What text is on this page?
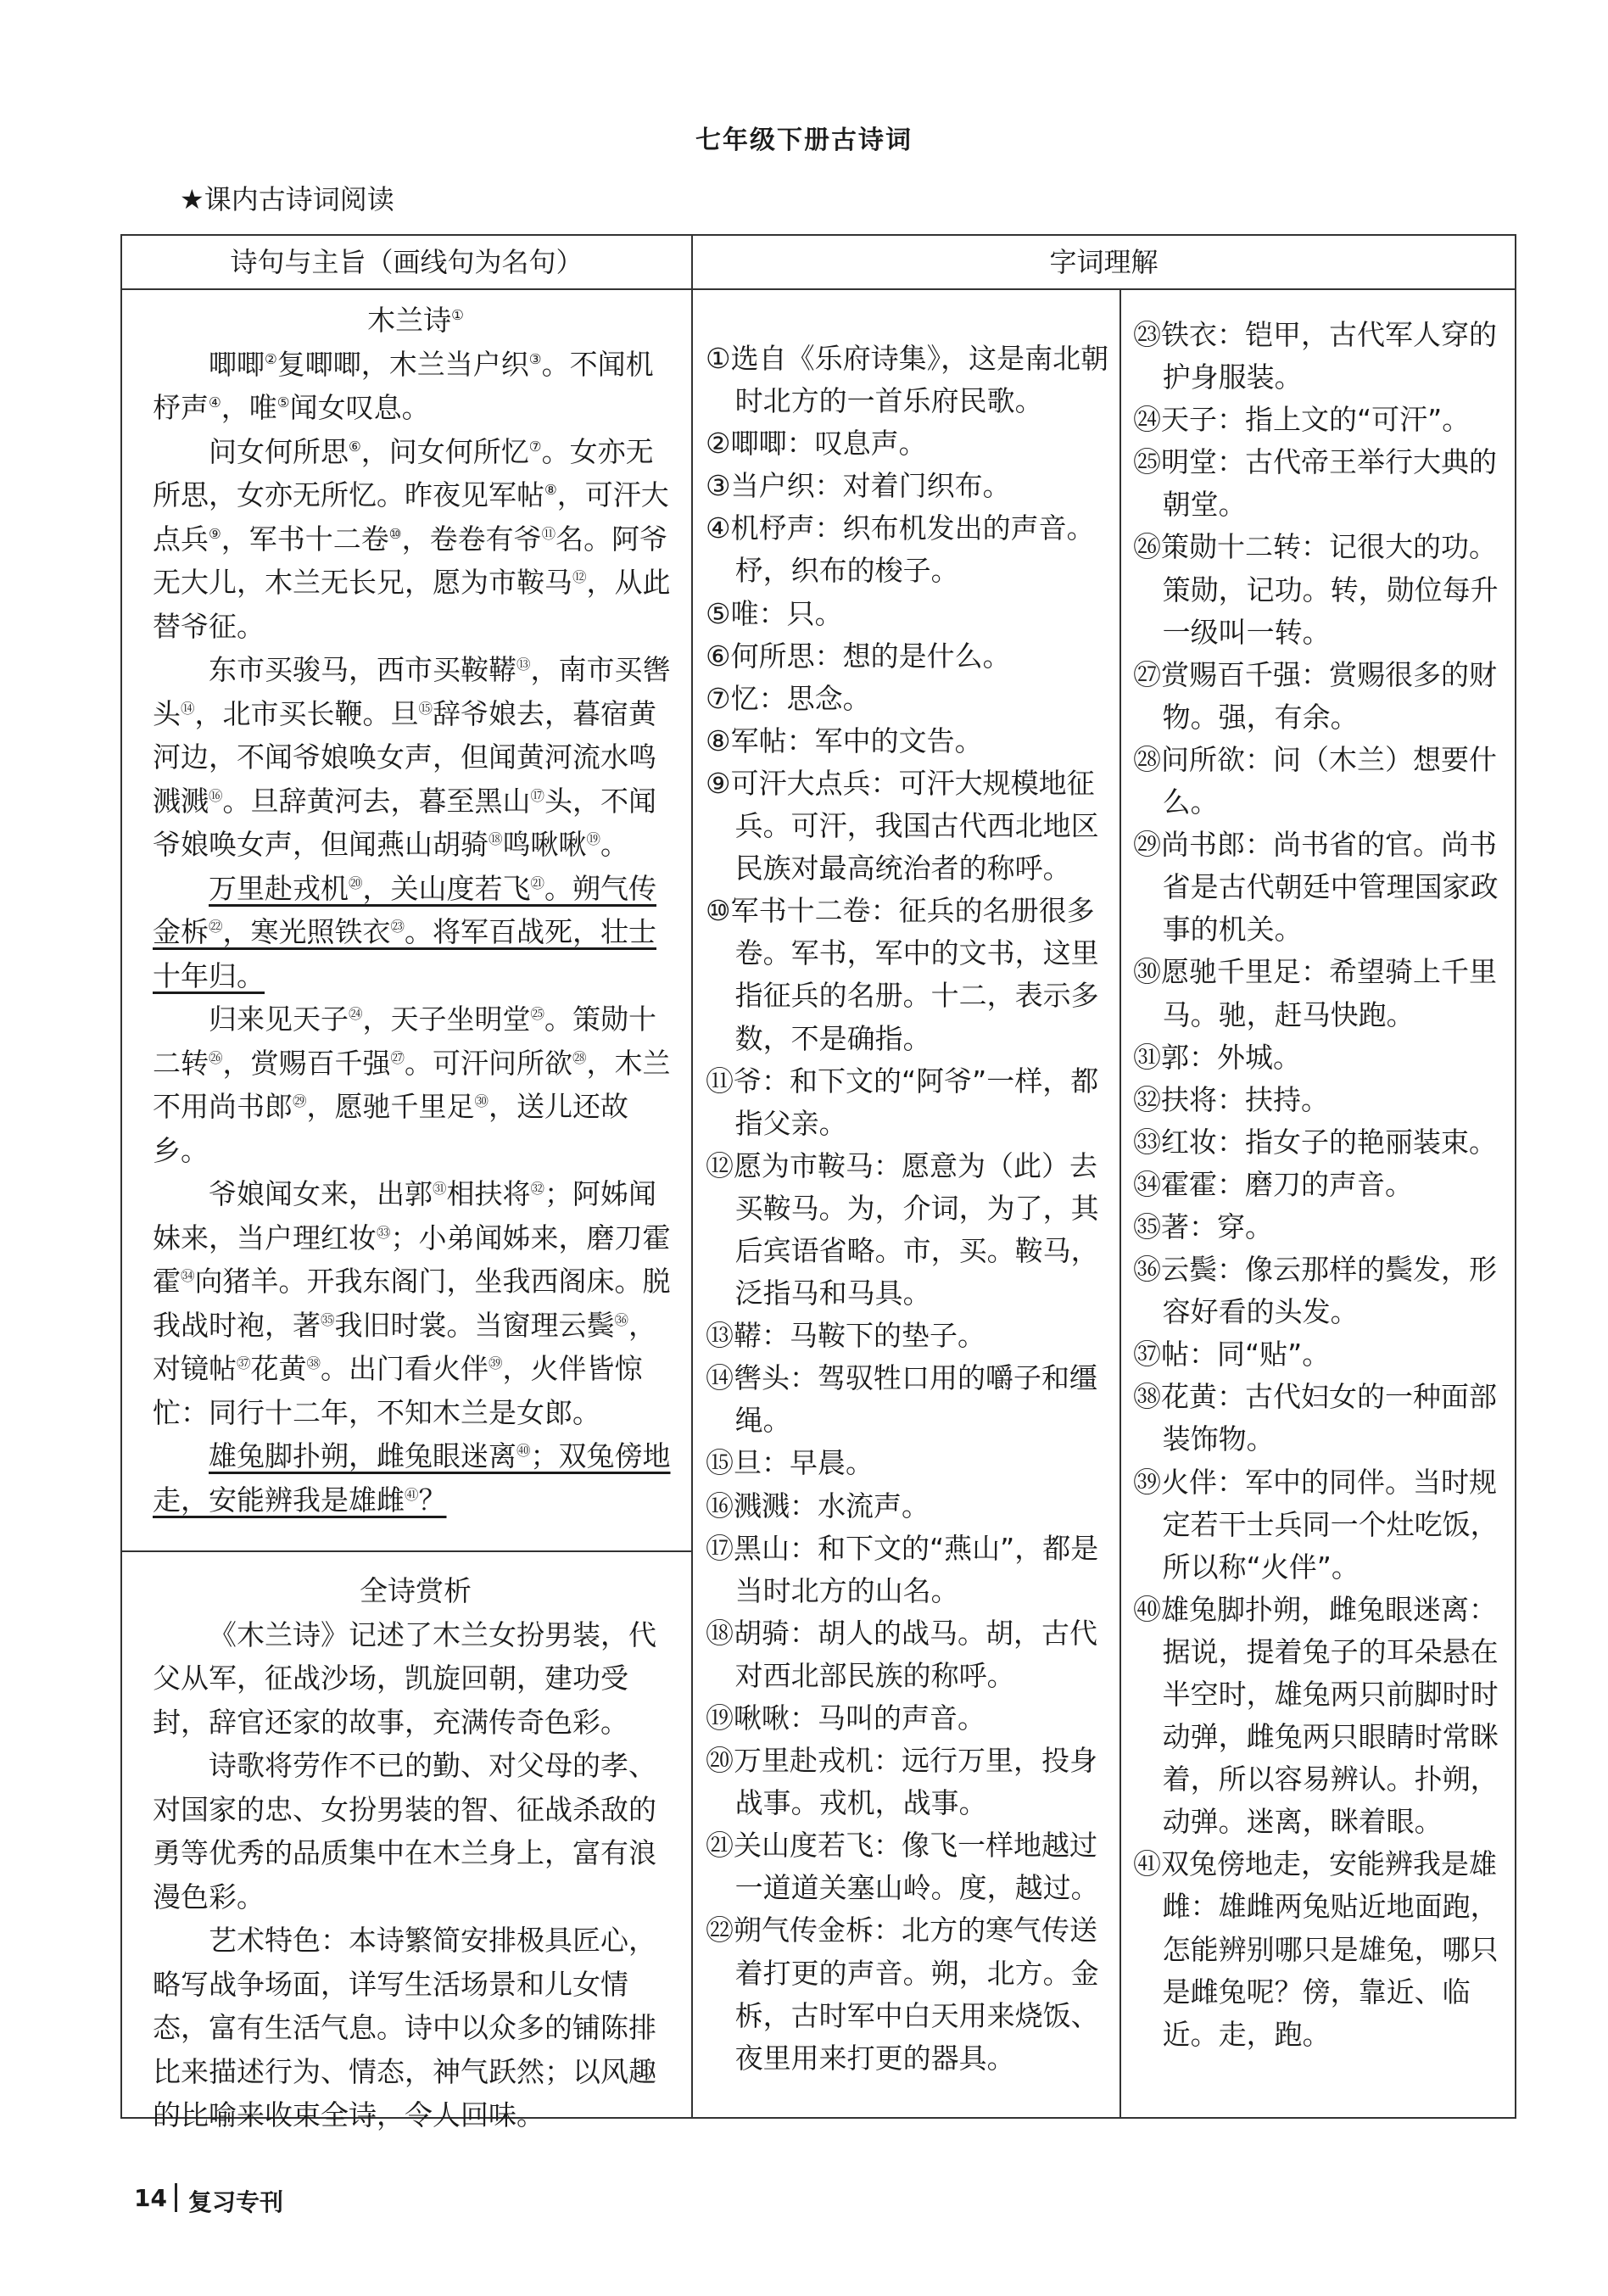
七年级下册古诗词
★课内古诗词阅读
诗句与主旨（画线句为名句）	字词理解

木兰诗①

唧唧②复唧唧，木兰当户织③。不闻机杼声④，唯⑤闻女叹息。

问女何所思⑥，问女何所忆⑦。女亦无所思，女亦无所忆。昨夜见军帖⑧，可汗大点兵⑨，军书十二卷⑩，卷卷有爷⑪名。阿爷无大儿，木兰无长兄，愿为市鞍马⑫，从此替爷征。

东市买骏马，西市买鞍鞯⑬，南市买辔头⑭，北市买长鞭。旦⑮辞爷娘去，暮宿黄河边，不闻爷娘唤女声，但闻黄河流水鸣溅溅⑯。旦辞黄河去，暮至黑山⑰头，不闻爷娘唤女声，但闻燕山胡骑⑱鸣啾啾⑲。

万里赴戎机⑳，关山度若飞$^㉑$。朔气传金柝$^㉒$，寒光照铁衣$^㉓$。将军百战死，壮士十年归。

归来见天子$^㉔$，天子坐明堂$^㉕$。策勋十二转$^㉖$，赏赐百千强$^㉗$。可汗问所欲$^㉘$，木兰不用尚书郎$^㉙$，愿驰千里足$^㉚$，送儿还故乡。

爷娘闻女来，出郭$^㉛$相扶将$^㉜$；阿姊闻妹来，当户理红妆$^㉝$；小弟闻姊来，磨刀霍霍$^㉞$向猪羊。开我东阁门，坐我西阁床。脱我战时袍，著$^㉟$我旧时裳。当窗理云鬓$^㊱$，对镜帖$^㊲$花黄$^㊳$。出门看火伴$^㊴$，火伴皆惊忙：同行十二年，不知木兰是女郎。

雄兔脚扑朔，雌兔眼迷离$^㊵$；双兔傍地走，安能辨我是雄雌$^㊶$？

全诗赏析

《木兰诗》记述了木兰女扮男装，代父从军，征战沙场，凯旋回朝，建功受封，辞官还家的故事，充满传奇色彩。

诗歌将劳作不已的勤、对父母的孝、对国家的忠、女扮男装的智、征战杀敌的勇等优秀的品质集中在木兰身上，富有浪漫色彩。

艺术特色：本诗繁简安排极具匠心，略写战争场面，详写生活场景和儿女情态，富有生活气息。诗中以众多的铺陈排比来描述行为、情态，神气跃然；以风趣的比喻来收束全诗，令人回味。

①选自《乐府诗集》，这是南北朝时北方的一首乐府民歌。
②唧唧：叹息声。
③当户织：对着门织布。
④机杼声：织布机发出的声音。杼，织布的梭子。
⑤唯：只。
⑥何所思：想的是什么。
⑦忆：思念。
⑧军帖：军中的文告。
⑨可汗大点兵：可汗大规模地征兵。可汗，我国古代西北地区民族对最高统治者的称呼。
⑩军书十二卷：征兵的名册很多卷。军书，军中的文书，这里指征兵的名册。十二，表示多数，不是确指。
⑪爷：和下文的“阿爷”一样，都指父亲。
⑫愿为市鞍马：愿意为（此）去买鞍马。为，介词，为了，其后宾语省略。市，买。鞍马，泛指马和马具。
⑬鞯：马鞍下的垫子。
⑭辔头：驾驭牲口用的嚼子和缰绳。
⑮旦：早晨。
⑯溅溅：水流声。
⑰黑山：和下文的“燕山”，都是当时北方的山名。
⑱胡骑：胡人的战马。胡，古代对西北部民族的称呼。
⑲啾啾：马叫的声音。
⑳万里赴戎机：远行万里，投身战事。戎机，战事。
㉑关山度若飞：像飞一样地越过一道道关塞山岭。度，越过。
㉒朔气传金柝：北方的寒气传送着打更的声音。朔，北方。金柝，古时军中白天用来烧饭、夜里用来打更的器具。
㉓铁衣：铠甲，古代军人穿的护身服装。
㉔天子：指上文的“可汗”。
㉕明堂：古代帝王举行大典的朝堂。
㉖策勋十二转：记很大的功。策勋，记功。转，勋位每升一级叫一转。
㉗赏赐百千强：赏赐很多的财物。强，有余。
㉘问所欲：问（木兰）想要什么。
㉙尚书郎：尚书省的官。尚书省是古代朝廷中管理国家政事的机关。
㉚愿驰千里足：希望骑上千里马。驰，赶马快跑。
㉛郭：外城。
㉜扶将：扶持。
㉝红妆：指女子的艳丽装束。
㉞霍霍：磨刀的声音。
㉟著：穿。
㊱云鬓：像云那样的鬓发，形容好看的头发。
㊲帖：同“贴”。
㊳花黄：古代妇女的一种面部装饰物。
㊴火伴：军中的同伴。当时规定若干士兵同一个灶吃饭，所以称“火伴”。
㊵雄兔脚扑朔，雌兔眼迷离：据说，提着兔子的耳朵悬在半空时，雄兔两只前脚时时动弹，雌兔两只眼睛时常眯着，所以容易辨认。扑朔，动弹。迷离，眯着眼。
㊶双兔傍地走，安能辨我是雄雌：雄雌两兔贴近地面跑，怎能辨别哪只是雄兔，哪只是雌兔呢？傍，靠近、临近。走，跑。
14 复习专刊
